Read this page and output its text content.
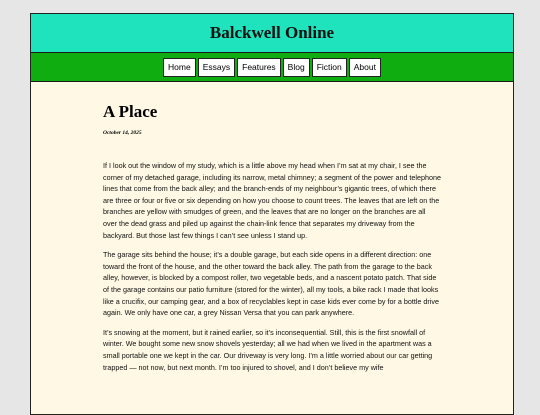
Balckwell Online
Home	Essays	Features	Blog	Fiction	About
A Place
October 14, 2025

If I look out the window of my study, which is a little above my head when I’m sat at my chair, I see the corner of my detached garage, including its narrow, metal chimney; a segment of the power and telephone lines that come from the back alley; and the branch-ends of my neighbour’s gigantic trees, of which there are three or four or five or six depending on how you choose to count trees. The leaves that are left on the branches are yellow with smudges of green, and the leaves that are no longer on the branches are all over the dead grass and piled up against the chain-link fence that separates my driveway from the backyard. But those last few things I can’t see unless I stand up.

The garage sits behind the house; it’s a double garage, but each side opens in a different direction: one toward the front of the house, and the other toward the back alley. The path from the garage to the back alley, however, is blocked by a compost roller, two vegetable beds, and a nascent potato patch. That side of the garage contains our patio furniture (stored for the winter), all my tools, a bike rack I made that looks like a crucifix, our camping gear, and a box of recyclables kept in case kids ever come by for a bottle drive again. We only have one car, a grey Nissan Versa that you can park anywhere.

It’s snowing at the moment, but it rained earlier, so it’s inconsequential. Still, this is the first snowfall of winter. We bought some new snow shovels yesterday; all we had when we lived in the apartment was a small portable one we kept in the car. Our driveway is very long. I’m a little worried about our car getting trapped — not now, but next month. I’m too injured to shovel, and I don’t believe my wife
